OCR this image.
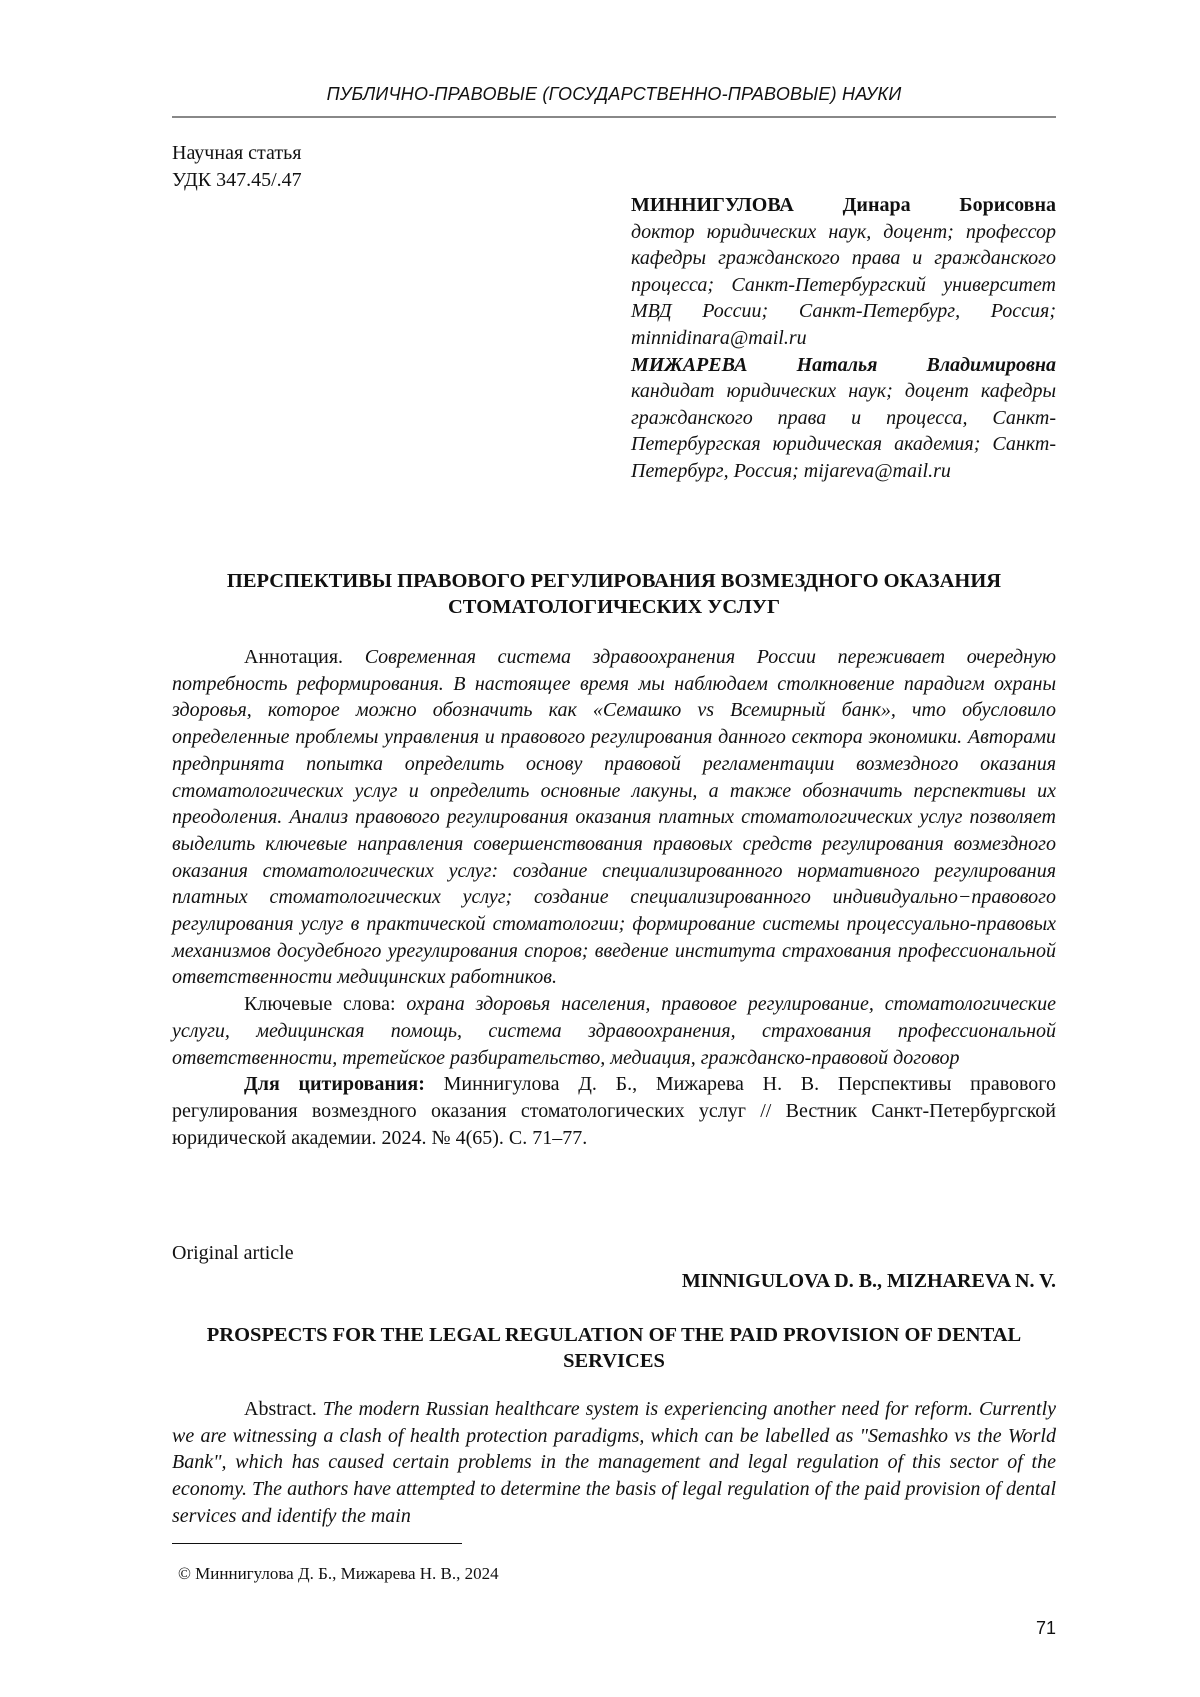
ПУБЛИЧНО-ПРАВОВЫЕ (ГОСУДАРСТВЕННО-ПРАВОВЫЕ) НАУКИ
Научная статья
УДК 347.45/.47

МИННИГУЛОВА Динара Борисовна

доктор юридических наук, доцент; профессор кафедры гражданского права и гражданского процесса; Санкт-Петербургский университет МВД России; Санкт-Петербург, Россия; minnidinara@mail.ru

МИЖАРЕВА Наталья Владимировна

кандидат юридических наук; доцент кафедры гражданского права и процесса, Санкт-Петербургская юридическая академия; Санкт-Петербург, Россия; mijareva@mail.ru

ПЕРСПЕКТИВЫ ПРАВОВОГО РЕГУЛИРОВАНИЯ ВОЗМЕЗДНОГО ОКАЗАНИЯ СТОМАТОЛОГИЧЕСКИХ УСЛУГ

Аннотация. Современная система здравоохранения России переживает очередную потребность реформирования. В настоящее время мы наблюдаем столкновение парадигм охраны здоровья, которое можно обозначить как «Семашко vs Всемирный банк», что обусловило определенные проблемы управления и правового регулирования данного сектора экономики. Авторами предпринята попытка определить основу правовой регламентации возмездного оказания стоматологических услуг и определить основные лакуны, а также обозначить перспективы их преодоления. Анализ правового регулирования оказания платных стоматологических услуг позволяет выделить ключевые направления совершенствования правовых средств регулирования возмездного оказания стоматологических услуг: создание специализированного нормативного регулирования платных стоматологических услуг; создание специализированного индивидуально−правового регулирования услуг в практической стоматологии; формирование системы процессуально-правовых механизмов досудебного урегулирования споров; введение института страхования профессиональной ответственности медицинских работников.

Ключевые слова: охрана здоровья населения, правовое регулирование, стоматологические услуги, медицинская помощь, система здравоохранения, страхования профессиональной ответственности, третейское разбирательство, медиация, гражданско-правовой договор

Для цитирования: Миннигулова Д. Б., Мижарева Н. В. Перспективы правового регулирования возмездного оказания стоматологических услуг // Вестник Санкт-Петербургской юридической академии. 2024. № 4(65). С. 71–77.

Original article
MINNIGULOVA D. B., MIZHAREVA N. V.
PROSPECTS FOR THE LEGAL REGULATION OF THE PAID PROVISION OF DENTAL SERVICES

Abstract. The modern Russian healthcare system is experiencing another need for reform. Currently we are witnessing a clash of health protection paradigms, which can be labelled as "Semashko vs the World Bank", which has caused certain problems in the management and legal regulation of this sector of the economy. The authors have attempted to determine the basis of legal regulation of the paid provision of dental services and identify the main

© Миннигулова Д. Б., Мижарева Н. В., 2024
71
